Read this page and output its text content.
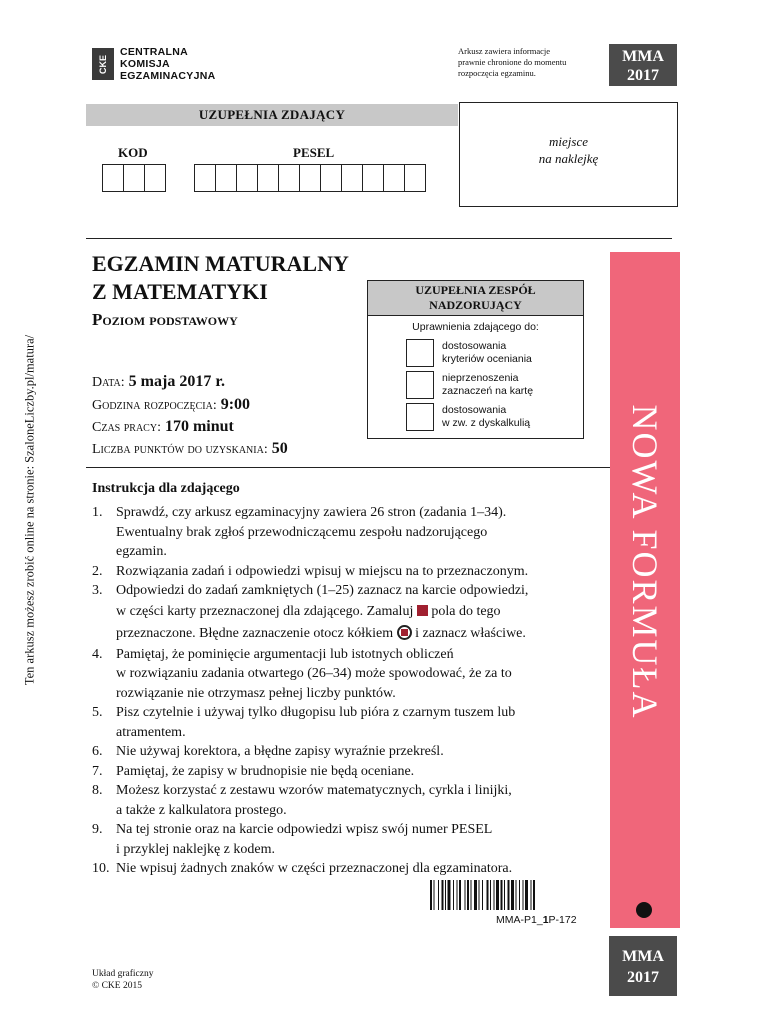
Ten arkusz możesz zrobić online na stronie: SzaloneLiczby.pl/matura/
CKE
CENTRALNA
KOMISJA
EGZAMINACYJNA
Arkusz zawiera informacje
prawnie chronione do momentu
rozpoczęcia egzaminu.
MMA
2017
UZUPEŁNIA ZDAJĄCY
KOD	PESEL
miejsce
na naklejkę
EGZAMIN MATURALNY
Z MATEMATYKI
Poziom podstawowy
UZUPEŁNIA ZESPÓŁ
NADZORUJĄCY
Uprawnienia zdającego do:
dostosowania
kryteriów oceniania
nieprzenoszenia
zaznaczeń na kartę
dostosowania
w zw. z dyskalkulią
Data: 5 maja 2017 r.
Godzina rozpoczęcia: 9:00
Czas pracy: 170 minut
Liczba punktów do uzyskania: 50	NOWA FORMUŁA
Instrukcja dla zdającego
1. Sprawdź, czy arkusz egzaminacyjny zawiera 26 stron (zadania 1–34).
Ewentualny brak zgłoś przewodniczącemu zespołu nadzorującego
egzamin.
2. Rozwiązania zadań i odpowiedzi wpisuj w miejscu na to przeznaczonym.
3. Odpowiedzi do zadań zamkniętych (1–25) zaznacz na karcie odpowiedzi,
w części karty przeznaczonej dla zdającego. Zamaluj pola do tego
przeznaczone. Błędne zaznaczenie otocz kółkiem i zaznacz właściwe.
4. Pamiętaj, że pominięcie argumentacji lub istotnych obliczeń
w rozwiązaniu zadania otwartego (26–34) może spowodować, że za to
rozwiązanie nie otrzymasz pełnej liczby punktów.
5. Pisz czytelnie i używaj tylko długopisu lub pióra z czarnym tuszem lub
atramentem.
6. Nie używaj korektora, a błędne zapisy wyraźnie przekreśl.
7. Pamiętaj, że zapisy w brudnopisie nie będą oceniane.
8. Możesz korzystać z zestawu wzorów matematycznych, cyrkla i linijki,
a także z kalkulatora prostego.
9. Na tej stronie oraz na karcie odpowiedzi wpisz swój numer PESEL
i przyklej naklejkę z kodem.
10. Nie wpisuj żadnych znaków w części przeznaczonej dla egzaminatora.
MMA-P1_1P-172
Układ graficzny
© CKE 2015
MMA
2017
